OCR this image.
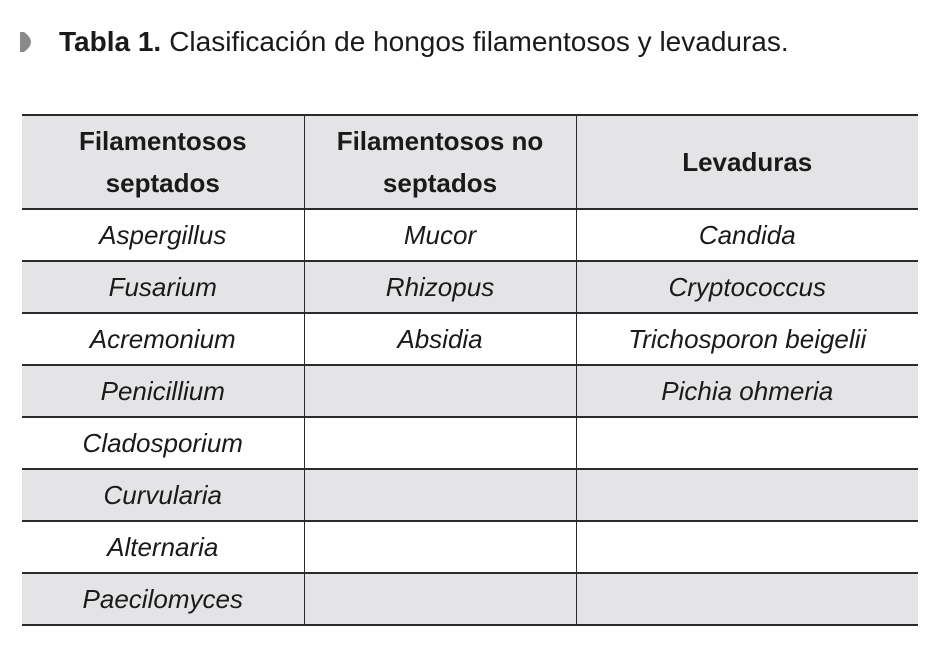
Tabla 1. Clasificación de hongos filamentosos y levaduras.
Filamentosos septados	Filamentosos no septados	Levaduras
Aspergillus	Mucor	Candida
Fusarium	Rhizopus	Cryptococcus
Acremonium	Absidia	Trichosporon beigelii
Penicillium		Pichia ohmeria
Cladosporium		
Curvularia		
Alternaria		
Paecilomyces		
